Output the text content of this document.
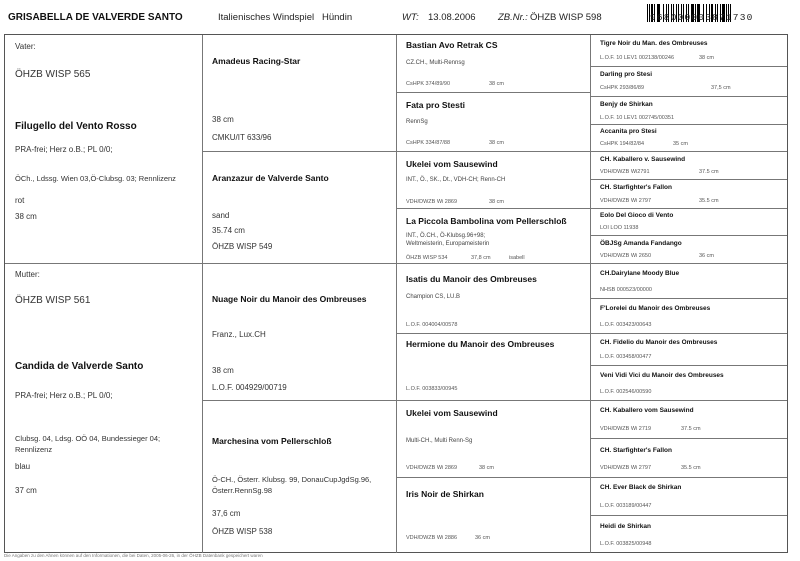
GRISABELLA DE VALVERDE SANTO	Italienisches Windspiel Hündin	WT: 13.08.2006 ZB.Nr.: ÖHZB WISP 598	968000003871730
Vater:
ÖHZB WISP 565
Filugello del Vento Rosso
PRA-frei; Herz o.B.; PL 0/0;
ÖCh., Ldssg. Wien 03,Ö-Clubsg. 03; Rennlizenz
rot
38 cm
Mutter:
ÖHZB WISP 561
Candida de Valverde Santo
PRA-frei; Herz o.B.; PL 0/0;
Clubsg. 04, Ldsg. OÖ 04, Bundessieger 04;
Rennlizenz
blau
37 cm
Amadeus Racing-Star
38 cm
CMKU/IT 633/96
Aranzazur de Valverde Santo
sand
35.74 cm
ÖHZB WISP 549
Nuage Noir du Manoir des Ombreuses
Franz., Lux.CH
38 cm
L.O.F. 004929/00719
Marchesina vom Pellerschloß
Ö-CH., Österr. Klubsg. 99, DonauCupJgdSg.96,
Österr.RennSg.98
37,6 cm
ÖHZB WISP 538
Bastian Avo Retrak CS
CZ.CH., Multi-Rennsg
CsHPK 374/89/90	38 cm
Fata pro Stesti
RennSg
CsHPK 334/87/88	38 cm
Ukelei vom Sausewind
INT., Ö., SK., Dt., VDH-CH; Renn-CH
VDH/DWZB Wi 2869	38 cm
La Piccola Bambolina vom Pellerschloß
INT., Ö.CH., Ö-Klubsg.96+98;
Weltmeisterin, Europameisterin
ÖHZB WISP 534	37,8 cm	isabell
Isatis du Manoir des Ombreuses
Champion CS, LU.B
L.O.F. 004004/00578
Hermione du Manoir des Ombreuses
L.O.F. 003833/00945
Ukelei vom Sausewind
Multi-CH., Multi Renn-Sg
VDH/DWZB Wi 2869	38 cm
Iris Noir de Shirkan
VDH/DWZB Wi 2886	36 cm
Tigre Noir du Man. des Ombreuses
L.O.F. 10 LEV1 002138/00246	38 cm
Darling pro Stesi
CsHPK 293/86/89	37,5 cm
Benjy de Shirkan
L.O.F. 10 LEV1 002745/00351
Accanita pro Stesi
CsHPK 194/82/84	35 cm
CH. Kaballero v. Sausewind
VDH/DWZB Wi2791	37.5 cm
CH. Starfighter's Fallon
VDH/DWZB Wi 2797	35.5 cm
Eolo Del Gioco di Vento
LOI LOO 11938
ÖBJSg Amanda Fandango
VDH/DWZB Wi 2650	36 cm
CH.Dairylane Moody Blue
NHSB 000523/00000
F'Lorelei du Manoir des Ombreuses
L.O.F. 003423/00643
CH. Fidelio du Manoir des Ombreuses
L.O.F. 003458/00477
Veni Vidi Vici du Manoir des Ombreuses
L.O.F. 002546/00590
CH. Kaballero vom Sausewind
VDH/DWZB Wi 2719	37.5 cm
CH. Starfighter's Fallon
VDH/DWZB Wi 2797	35.5 cm
CH. Ever Black de Shirkan
L.O.F. 003189/00447
Heidi de Shirkan
L.O.F. 003825/00948
Die Angaben zu den Ahnen können auf den Informationen, die bei Daten, 2005-06-26, in der ÖHZB Datenbank gespeichert waren
